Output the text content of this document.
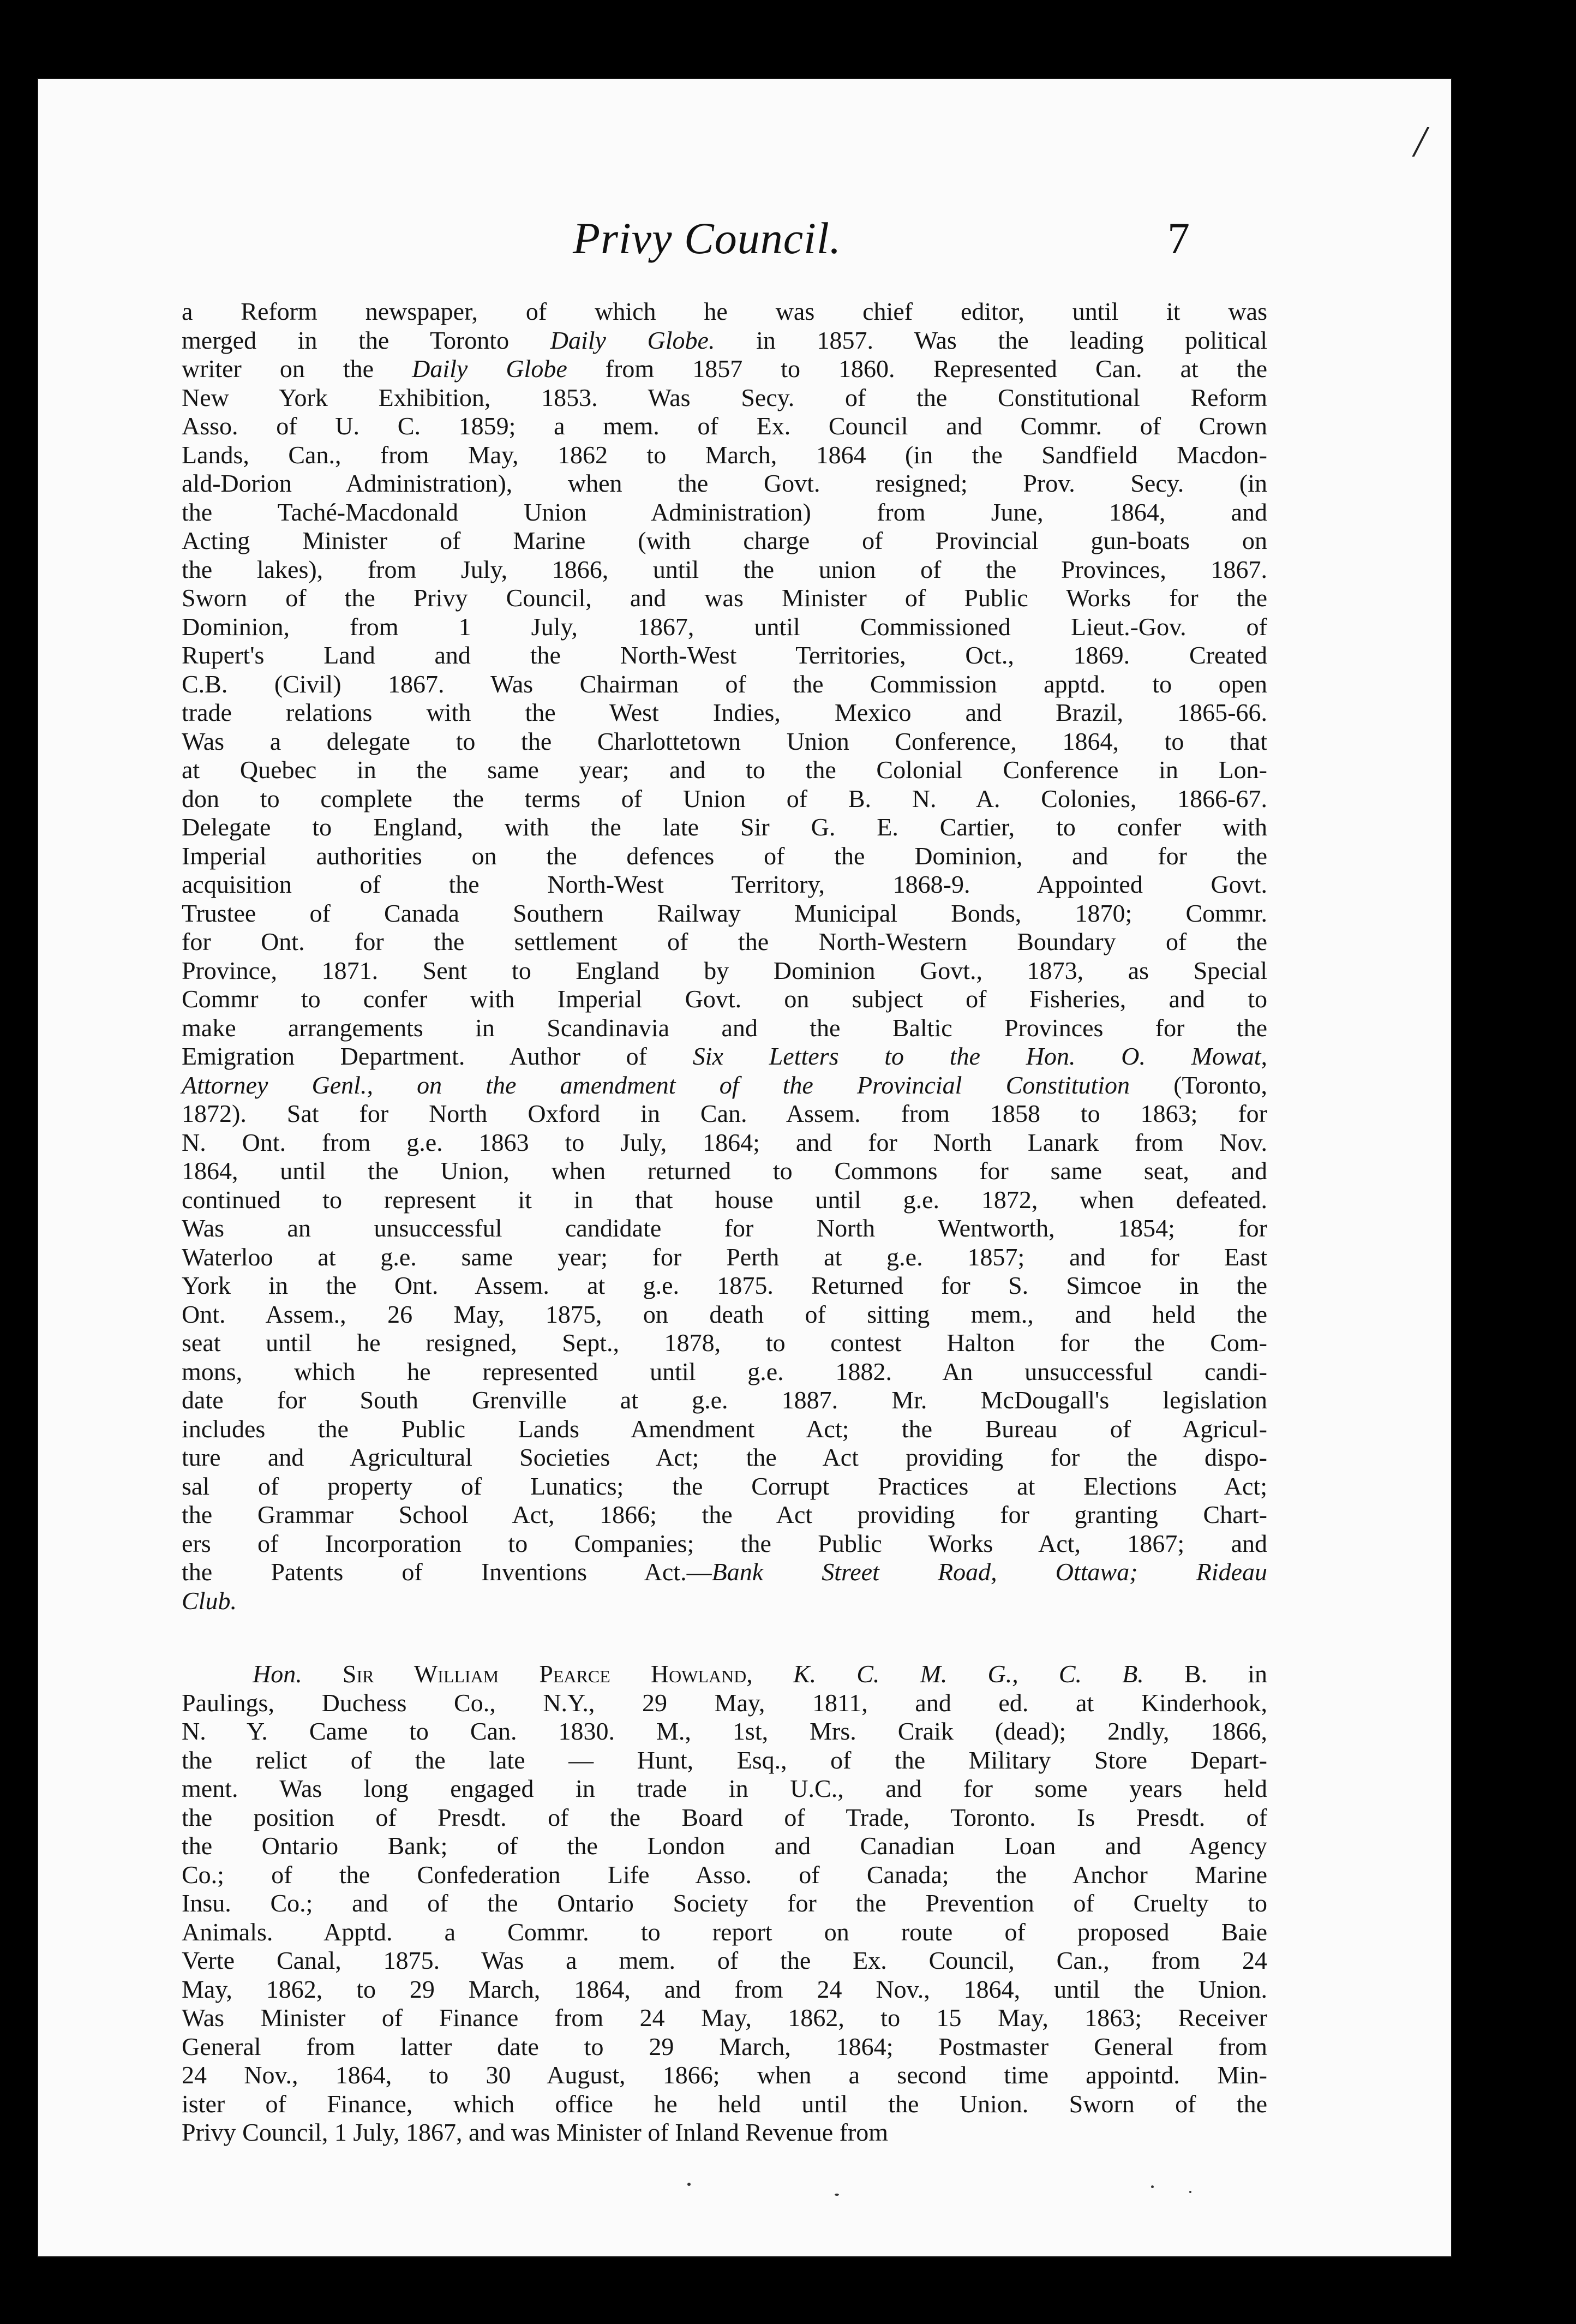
/
Privy Council.	7

a Reform newspaper, of which he was chief editor, until it was
merged in the Toronto Daily Globe. in 1857. Was the leading political
writer on the Daily Globe from 1857 to 1860. Represented Can. at the
New York Exhibition, 1853. Was Secy. of the Constitutional Reform
Asso. of U. C. 1859; a mem. of Ex. Council and Commr. of Crown
Lands, Can., from May, 1862 to March, 1864 (in the Sandfield Macdon-
ald-Dorion Administration), when the Govt. resigned; Prov. Secy. (in
the Taché-Macdonald Union Administration) from June, 1864, and
Acting Minister of Marine (with charge of Provincial gun-boats on
the lakes), from July, 1866, until the union of the Provinces, 1867.
Sworn of the Privy Council, and was Minister of Public Works for the
Dominion, from 1 July, 1867, until Commissioned Lieut.-Gov. of
Rupert's Land and the North-West Territories, Oct., 1869. Created
C.B. (Civil) 1867. Was Chairman of the Commission apptd. to open
trade relations with the West Indies, Mexico and Brazil, 1865-66.
Was a delegate to the Charlottetown Union Conference, 1864, to that
at Quebec in the same year; and to the Colonial Conference in Lon-
don to complete the terms of Union of B. N. A. Colonies, 1866-67.
Delegate to England, with the late Sir G. E. Cartier, to confer with
Imperial authorities on the defences of the Dominion, and for the
acquisition of the North-West Territory, 1868-9. Appointed Govt.
Trustee of Canada Southern Railway Municipal Bonds, 1870; Commr.
for Ont. for the settlement of the North-Western Boundary of the
Province, 1871. Sent to England by Dominion Govt., 1873, as Special
Commr to confer with Imperial Govt. on subject of Fisheries, and to
make arrangements in Scandinavia and the Baltic Provinces for the
Emigration Department. Author of Six Letters to the Hon. O. Mowat,
Attorney Genl., on the amendment of the Provincial Constitution (Toronto,
1872). Sat for North Oxford in Can. Assem. from 1858 to 1863; for
N. Ont. from g.e. 1863 to July, 1864; and for North Lanark from Nov.
1864, until the Union, when returned to Commons for same seat, and
continued to represent it in that house until g.e. 1872, when defeated.
Was an unsuccessful candidate for North Wentworth, 1854; for
Waterloo at g.e. same year; for Perth at g.e. 1857; and for East
York in the Ont. Assem. at g.e. 1875. Returned for S. Simcoe in the
Ont. Assem., 26 May, 1875, on death of sitting mem., and held the
seat until he resigned, Sept., 1878, to contest Halton for the Com-
mons, which he represented until g.e. 1882. An unsuccessful candi-
date for South Grenville at g.e. 1887. Mr. McDougall's legislation
includes the Public Lands Amendment Act; the Bureau of Agricul-
ture and Agricultural Societies Act; the Act providing for the dispo-
sal of property of Lunatics; the Corrupt Practices at Elections Act;
the Grammar School Act, 1866; the Act providing for granting Chart-
ers of Incorporation to Companies; the Public Works Act, 1867; and
the Patents of Inventions Act.—Bank Street Road, Ottawa; Rideau
Club.

Hon. Sir William Pearce Howland, K. C. M. G., C. B. B. in
Paulings, Duchess Co., N.Y., 29 May, 1811, and ed. at Kinderhook,
N. Y. Came to Can. 1830. M., 1st, Mrs. Craik (dead); 2ndly, 1866,
the relict of the late — Hunt, Esq., of the Military Store Depart-
ment. Was long engaged in trade in U.C., and for some years held
the position of Presdt. of the Board of Trade, Toronto. Is Presdt. of
the Ontario Bank; of the London and Canadian Loan and Agency
Co.; of the Confederation Life Asso. of Canada; the Anchor Marine
Insu. Co.; and of the Ontario Society for the Prevention of Cruelty to
Animals. Apptd. a Commr. to report on route of proposed Baie
Verte Canal, 1875. Was a mem. of the Ex. Council, Can., from 24
May, 1862, to 29 March, 1864, and from 24 Nov., 1864, until the Union.
Was Minister of Finance from 24 May, 1862, to 15 May, 1863; Receiver
General from latter date to 29 March, 1864; Postmaster General from
24 Nov., 1864, to 30 August, 1866; when a second time appointd. Min-
ister of Finance, which office he held until the Union. Sworn of the
Privy Council, 1 July, 1867, and was Minister of Inland Revenue from
